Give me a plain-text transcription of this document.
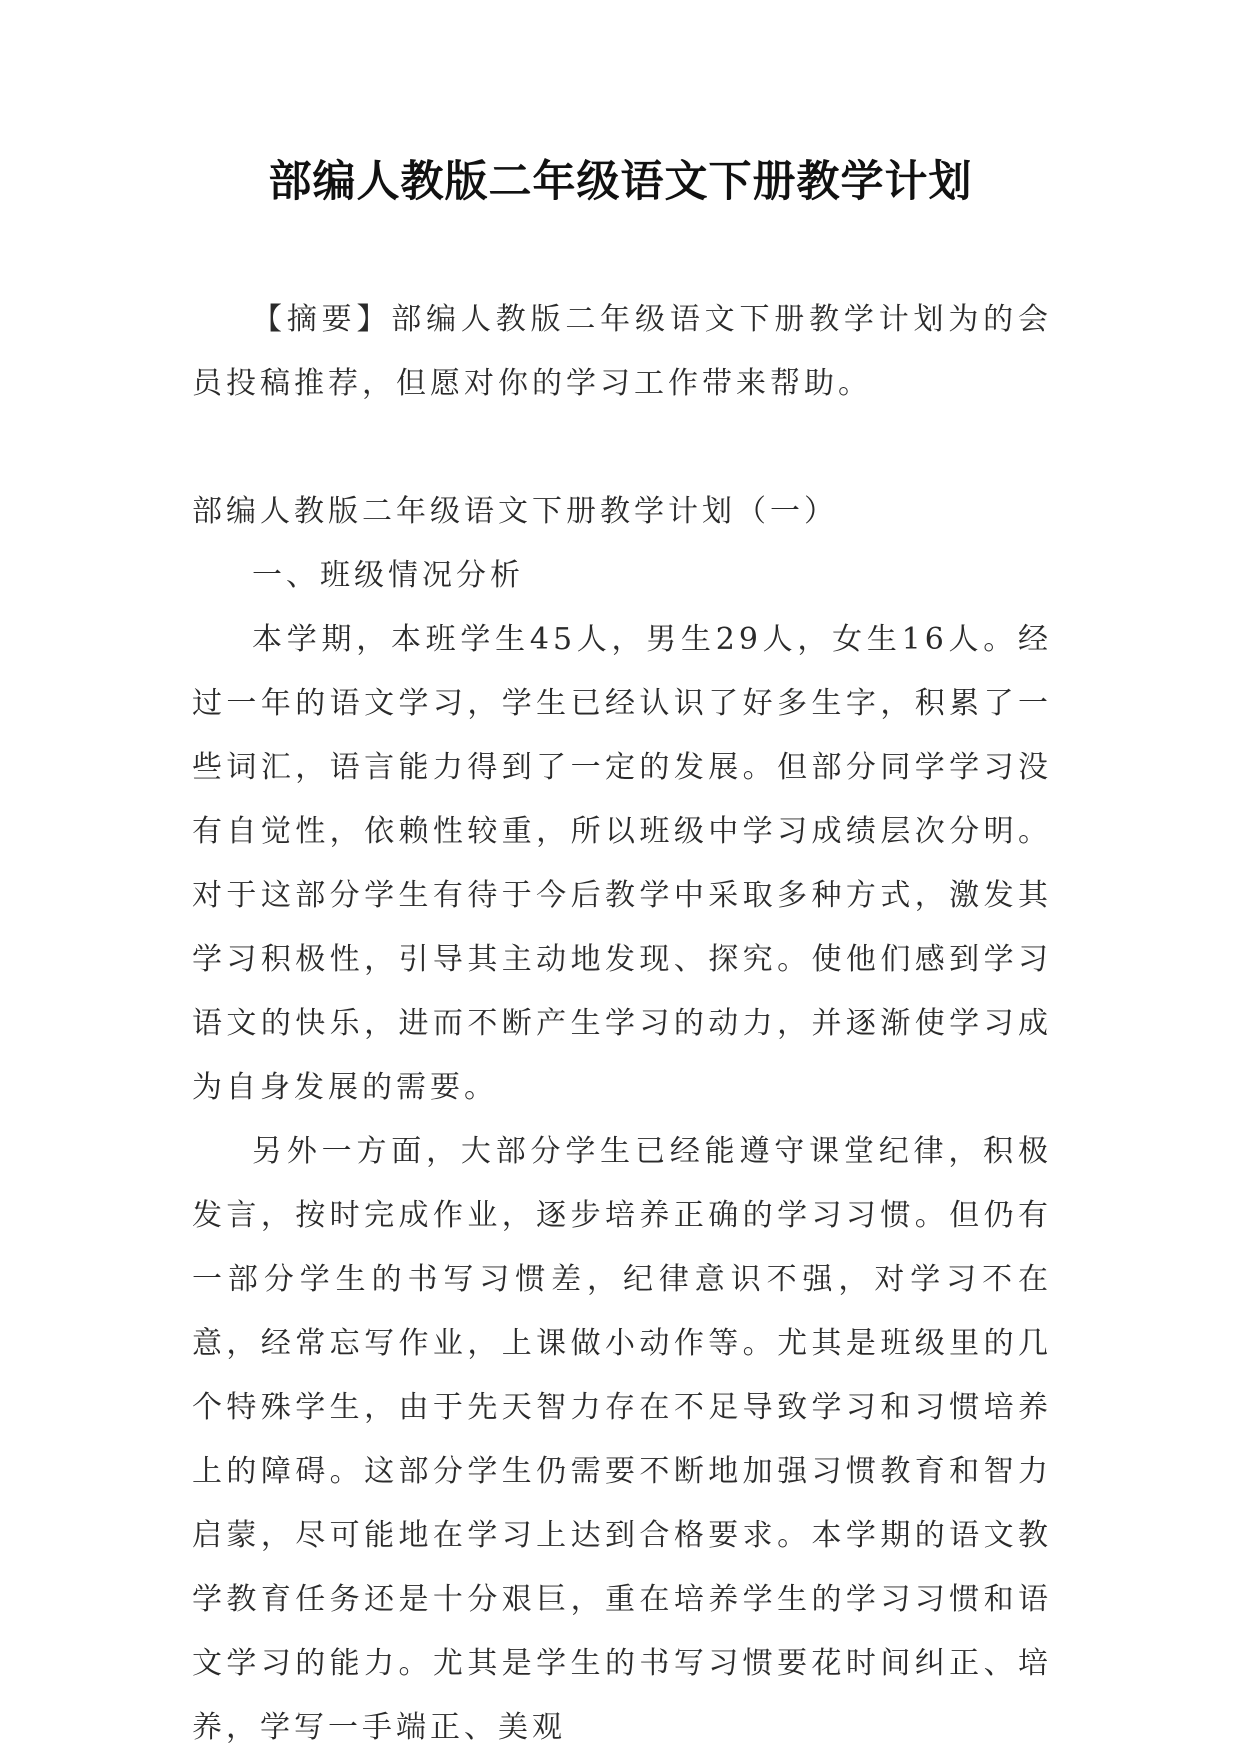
部编人教版二年级语文下册教学计划

【摘要】部编人教版二年级语文下册教学计划为的会员投稿推荐，但愿对你的学习工作带来帮助。

部编人教版二年级语文下册教学计划（一）

一、班级情况分析

本学期，本班学生45人，男生29人，女生16人。经过一年的语文学习，学生已经认识了好多生字，积累了一些词汇，语言能力得到了一定的发展。但部分同学学习没有自觉性，依赖性较重，所以班级中学习成绩层次分明。对于这部分学生有待于今后教学中采取多种方式，激发其学习积极性，引导其主动地发现、探究。使他们感到学习语文的快乐，进而不断产生学习的动力，并逐渐使学习成为自身发展的需要。

另外一方面，大部分学生已经能遵守课堂纪律，积极发言，按时完成作业，逐步培养正确的学习习惯。但仍有一部分学生的书写习惯差，纪律意识不强，对学习不在意，经常忘写作业，上课做小动作等。尤其是班级里的几个特殊学生，由于先天智力存在不足导致学习和习惯培养上的障碍。这部分学生仍需要不断地加强习惯教育和智力启蒙，尽可能地在学习上达到合格要求。本学期的语文教学教育任务还是十分艰巨，重在培养学生的学习习惯和语文学习的能力。尤其是学生的书写习惯要花时间纠正、培养，学写一手端正、美观
